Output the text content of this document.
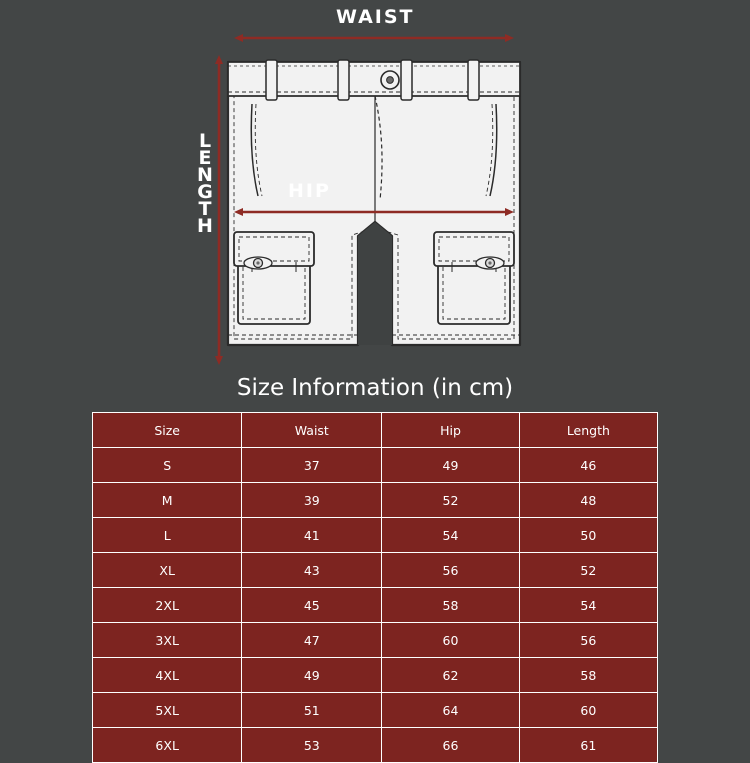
WAIST
HIP
L
E
N
G
T
H
Size Information (in cm)
Size	Waist	Hip	Length
S	37	49	46
M	39	52	48
L	41	54	50
XL	43	56	52
2XL	45	58	54
3XL	47	60	56
4XL	49	62	58
5XL	51	64	60
6XL	53	66	61
